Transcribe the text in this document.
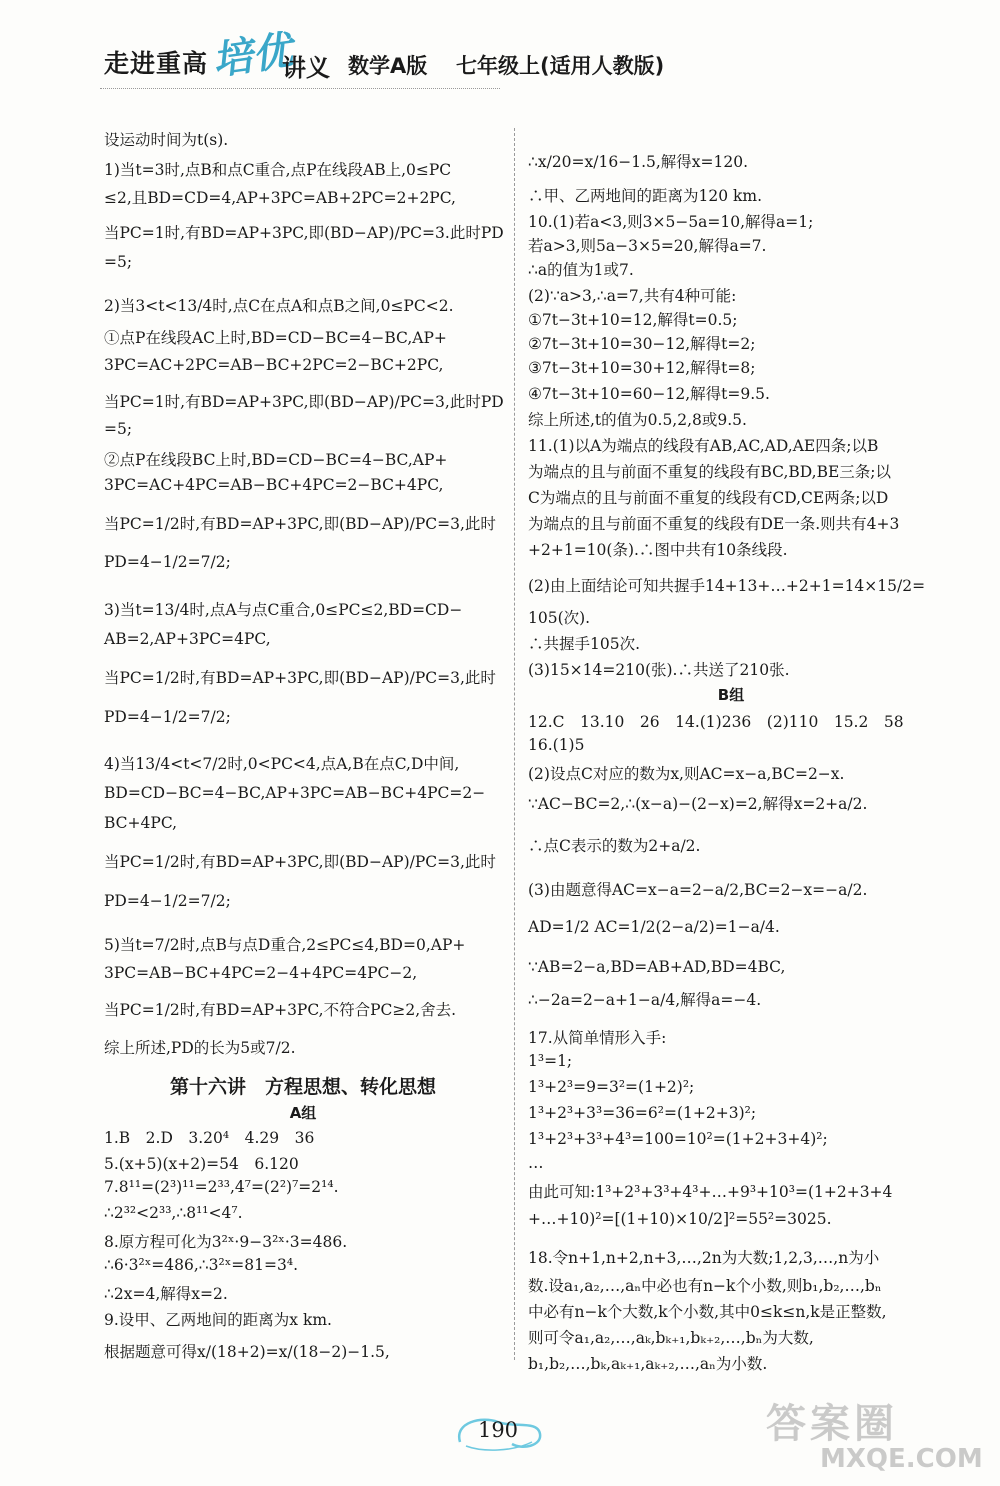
走进重高 培优
讲义 数学A版 七年级上(适用人教版)
设运动时间为t(s).
1)当t=3时,点B和点C重合,点P在线段AB上,0≤PC
≤2,且BD=CD=4,AP+3PC=AB+2PC=2+2PC,
当PC=1时,有BD=AP+3PC,即(BD−AP)/PC=3.此时PD
=5;
2)当3<t<13/4时,点C在点A和点B之间,0≤PC<2.
①点P在线段AC上时,BD=CD−BC=4−BC,AP+
3PC=AC+2PC=AB−BC+2PC=2−BC+2PC,
当PC=1时,有BD=AP+3PC,即(BD−AP)/PC=3,此时PD
=5;
②点P在线段BC上时,BD=CD−BC=4−BC,AP+
3PC=AC+4PC=AB−BC+4PC=2−BC+4PC,
当PC=1/2时,有BD=AP+3PC,即(BD−AP)/PC=3,此时
PD=4−1/2=7/2;
3)当t=13/4时,点A与点C重合,0≤PC≤2,BD=CD−
AB=2,AP+3PC=4PC,
当PC=1/2时,有BD=AP+3PC,即(BD−AP)/PC=3,此时
PD=4−1/2=7/2;
4)当13/4<t<7/2时,0<PC<4,点A,B在点C,D中间,
BD=CD−BC=4−BC,AP+3PC=AB−BC+4PC=2−
BC+4PC,
当PC=1/2时,有BD=AP+3PC,即(BD−AP)/PC=3,此时
PD=4−1/2=7/2;
5)当t=7/2时,点B与点D重合,2≤PC≤4,BD=0,AP+
3PC=AB−BC+4PC=2−4+4PC=4PC−2,
当PC=1/2时,有BD=AP+3PC,不符合PC≥2,舍去.
综上所述,PD的长为5或7/2.
第十六讲　方程思想、转化思想
A组
1.B　2.D　3.20⁴　4.29　36
5.(x+5)(x+2)=54　6.120
7.8¹¹=(2³)¹¹=2³³,4⁷=(2²)⁷=2¹⁴.
∴2³²<2³³,∴8¹¹<4⁷.
8.原方程可化为3²ˣ·9−3²ˣ·3=486.
∴6·3²ˣ=486,∴3²ˣ=81=3⁴.
∴2x=4,解得x=2.
9.设甲、乙两地间的距离为x km.
根据题意可得x/(18+2)=x/(18−2)−1.5,
∴x/20=x/16−1.5,解得x=120.
∴甲、乙两地间的距离为120 km.
10.(1)若a<3,则3×5−5a=10,解得a=1;
若a>3,则5a−3×5=20,解得a=7.
∴a的值为1或7.
(2)∵a>3,∴a=7,共有4种可能:
①7t−3t+10=12,解得t=0.5;
②7t−3t+10=30−12,解得t=2;
③7t−3t+10=30+12,解得t=8;
④7t−3t+10=60−12,解得t=9.5.
综上所述,t的值为0.5,2,8或9.5.
11.(1)以A为端点的线段有AB,AC,AD,AE四条;以B
为端点的且与前面不重复的线段有BC,BD,BE三条;以
C为端点的且与前面不重复的线段有CD,CE两条;以D
为端点的且与前面不重复的线段有DE一条.则共有4+3
+2+1=10(条).∴图中共有10条线段.
(2)由上面结论可知共握手14+13+…+2+1=14×15/2=
105(次).
∴共握手105次.
(3)15×14=210(张).∴共送了210张.
B组
12.C　13.10　26　14.(1)236　(2)110　15.2　58
16.(1)5
(2)设点C对应的数为x,则AC=x−a,BC=2−x.
∵AC−BC=2,∴(x−a)−(2−x)=2,解得x=2+a/2.
∴点C表示的数为2+a/2.
(3)由题意得AC=x−a=2−a/2,BC=2−x=−a/2.
AD=1/2 AC=1/2(2−a/2)=1−a/4.
∵AB=2−a,BD=AB+AD,BD=4BC,
∴−2a=2−a+1−a/4,解得a=−4.
17.从简单情形入手:
1³=1;
1³+2³=9=3²=(1+2)²;
1³+2³+3³=36=6²=(1+2+3)²;
1³+2³+3³+4³=100=10²=(1+2+3+4)²;
…
由此可知:1³+2³+3³+4³+…+9³+10³=(1+2+3+4
+…+10)²=[(1+10)×10/2]²=55²=3025.
18.令n+1,n+2,n+3,…,2n为大数;1,2,3,…,n为小
数.设a₁,a₂,…,aₙ中必也有n−k个小数,则b₁,b₂,…,bₙ
中必有n−k个大数,k个小数,其中0≤k≤n,k是正整数,
则可令a₁,a₂,…,aₖ,bₖ₊₁,bₖ₊₂,…,bₙ为大数,
b₁,b₂,…,bₖ,aₖ₊₁,aₖ₊₂,…,aₙ为小数.
190	答案圈
MXQE.COM
